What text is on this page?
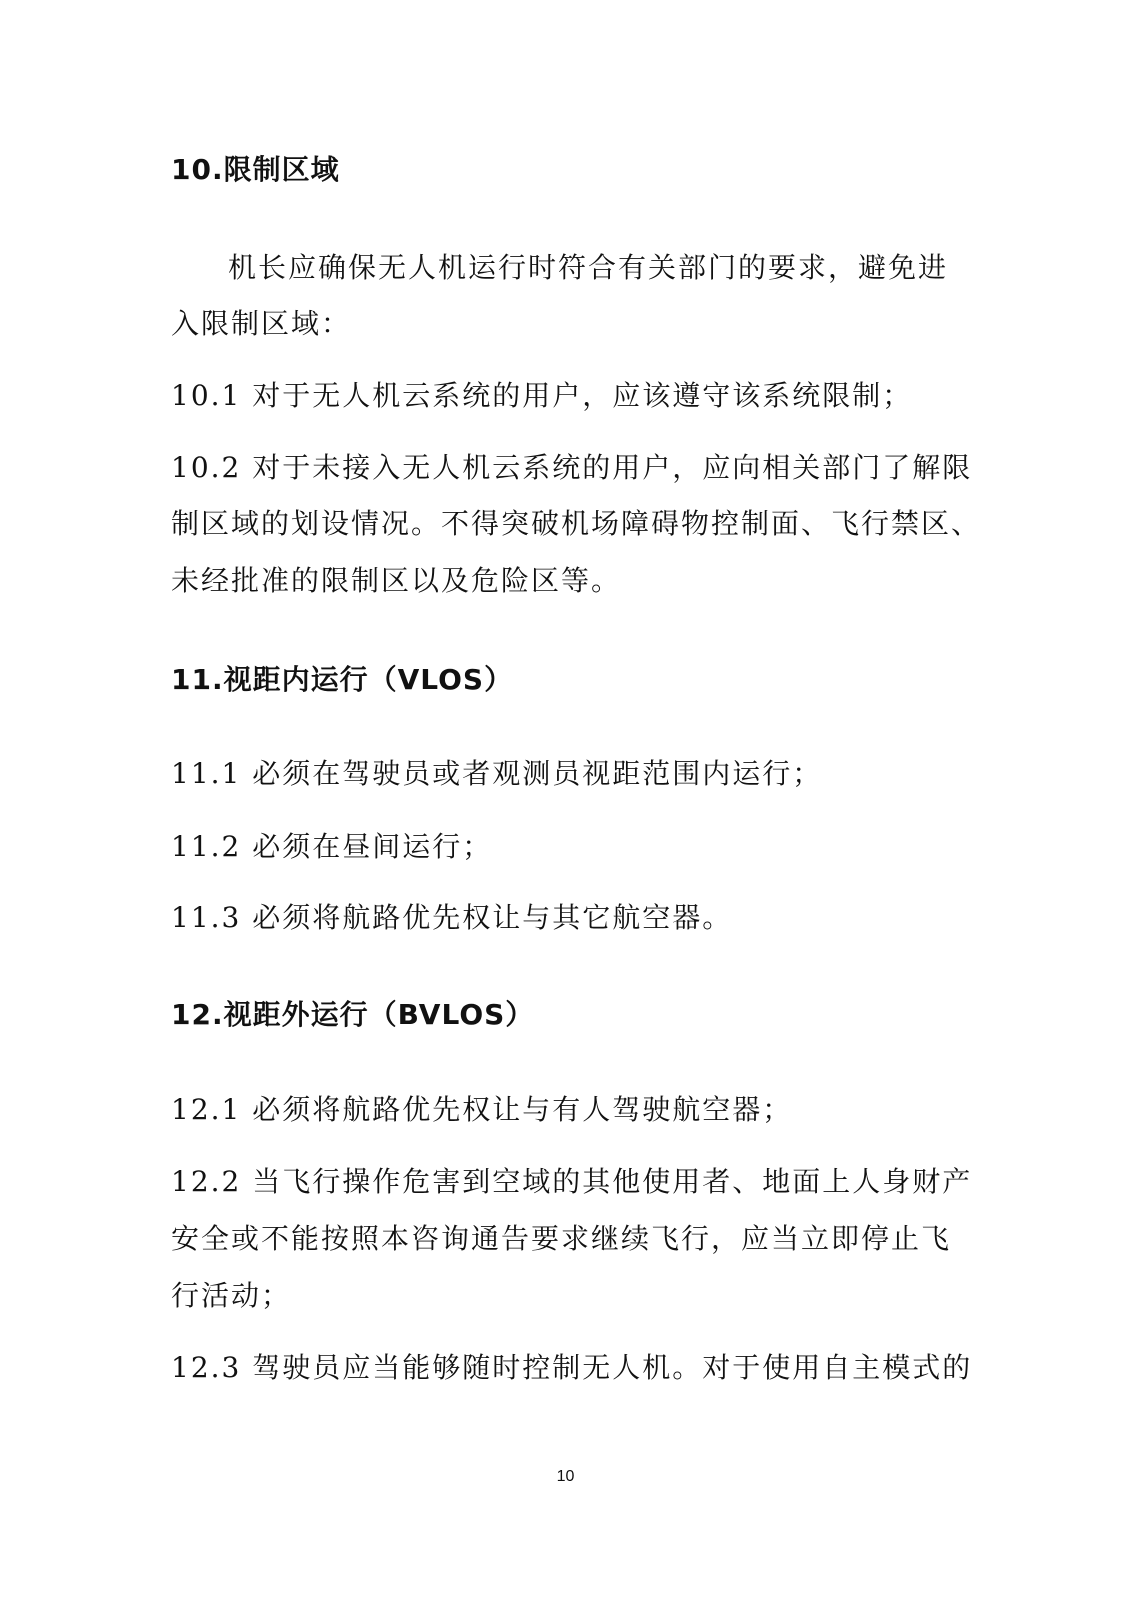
10.限制区域
机长应确保无人机运行时符合有关部门的要求，避免进
入限制区域：
10.1 对于无人机云系统的用户，应该遵守该系统限制；
10.2 对于未接入无人机云系统的用户，应向相关部门了解限
制区域的划设情况。不得突破机场障碍物控制面、飞行禁区、
未经批准的限制区以及危险区等。
11.视距内运行（VLOS）
11.1 必须在驾驶员或者观测员视距范围内运行；
11.2 必须在昼间运行；
11.3 必须将航路优先权让与其它航空器。
12.视距外运行（BVLOS）
12.1 必须将航路优先权让与有人驾驶航空器；
12.2 当飞行操作危害到空域的其他使用者、地面上人身财产
安全或不能按照本咨询通告要求继续飞行，应当立即停止飞
行活动；
12.3 驾驶员应当能够随时控制无人机。对于使用自主模式的
10
